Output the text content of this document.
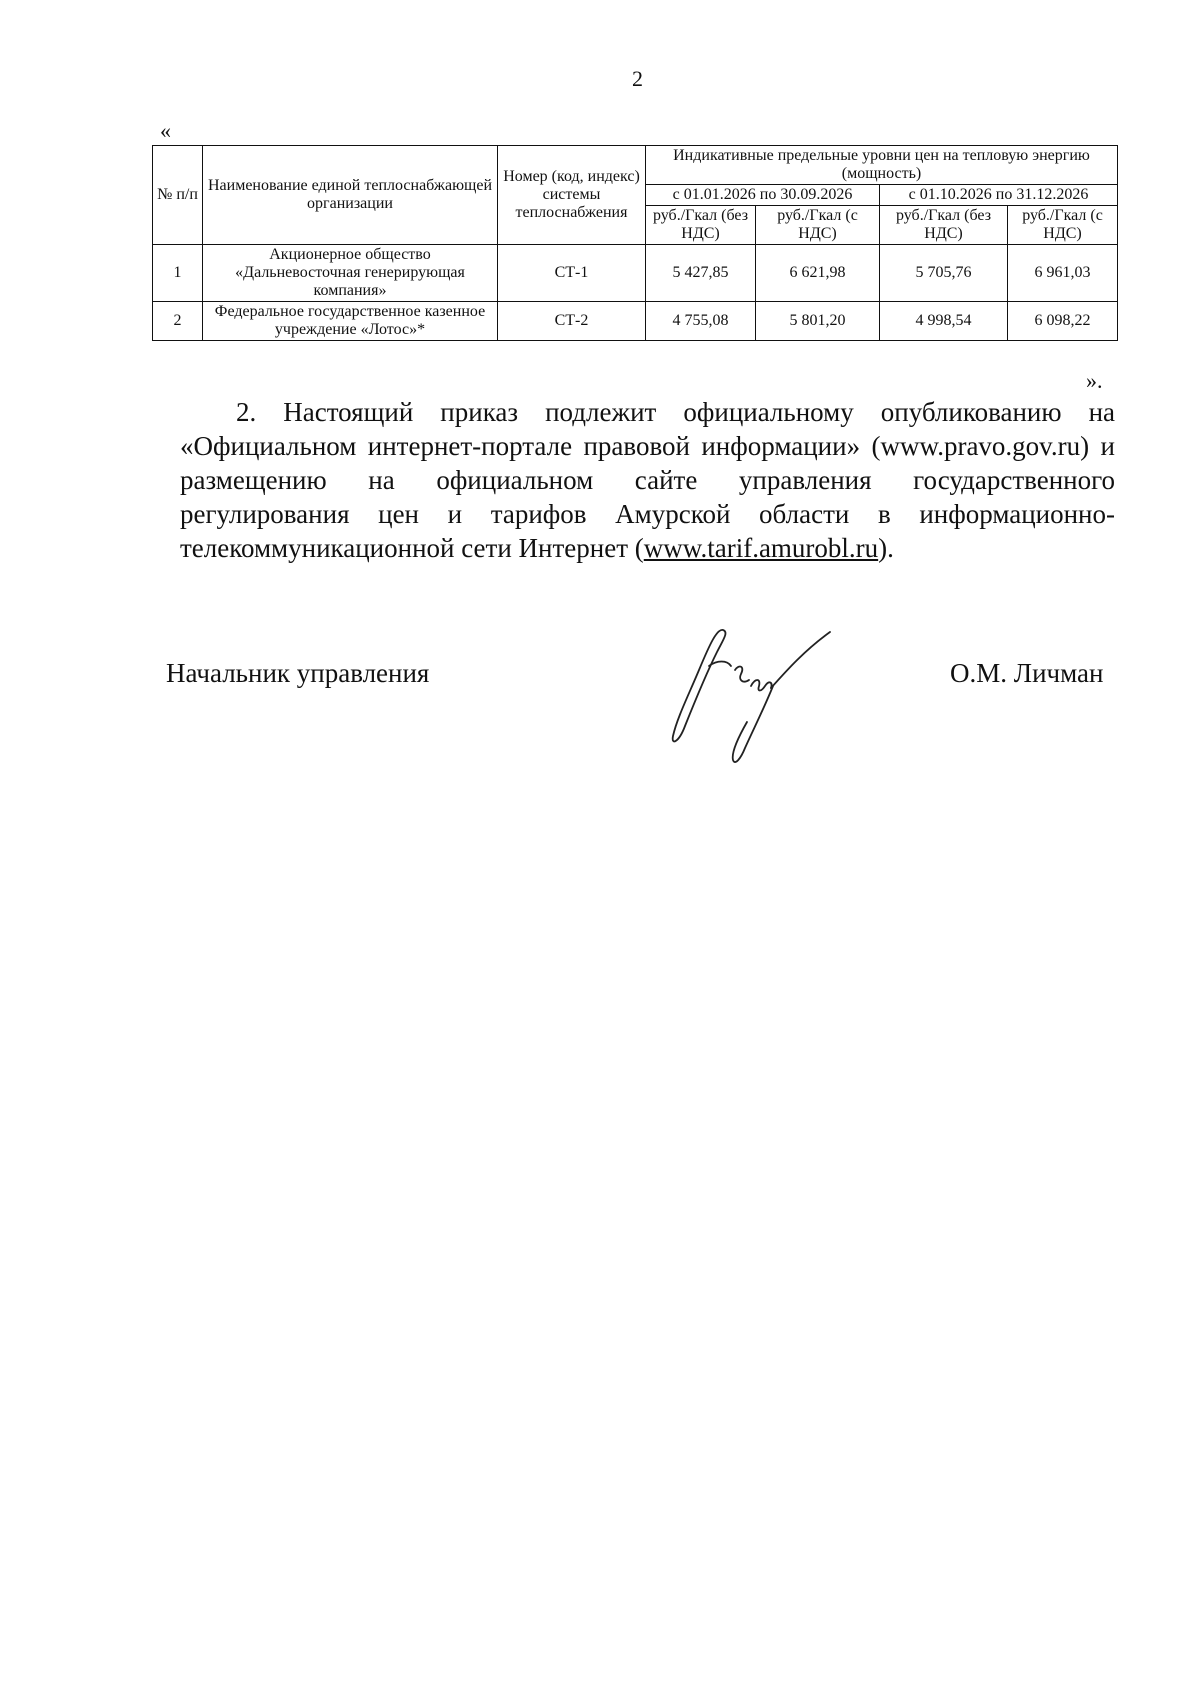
2
«
№ п/п	Наименование единой теплоснабжающей организации	Номер (код, индекс) системы теплоснабжения	Индикативные предельные уровни цен на тепловую энергию (мощность)			
			с 01.01.2026 по 30.09.2026		с 01.10.2026 по 31.12.2026	
			руб./Гкал (без НДС)	руб./Гкал (с НДС)	руб./Гкал (без НДС)	руб./Гкал (с НДС)
1	Акционерное общество «Дальневосточная генерирующая компания»	СТ-1	5 427,85	6 621,98	5 705,76	6 961,03
2	Федеральное государственное казенное учреждение «Лотос»*	СТ-2	4 755,08	5 801,20	4 998,54	6 098,22
».

2. Настоящий приказ подлежит официальному опубликованию на «Официальном интернет-портале правовой информации» (www.pravo.gov.ru) и размещению на официальном сайте управления государственного регулирования цен и тарифов Амурской области в информационно-телекоммуникационной сети Интернет (www.tarif.amurobl.ru).

Начальник управления	О.М. Личман
